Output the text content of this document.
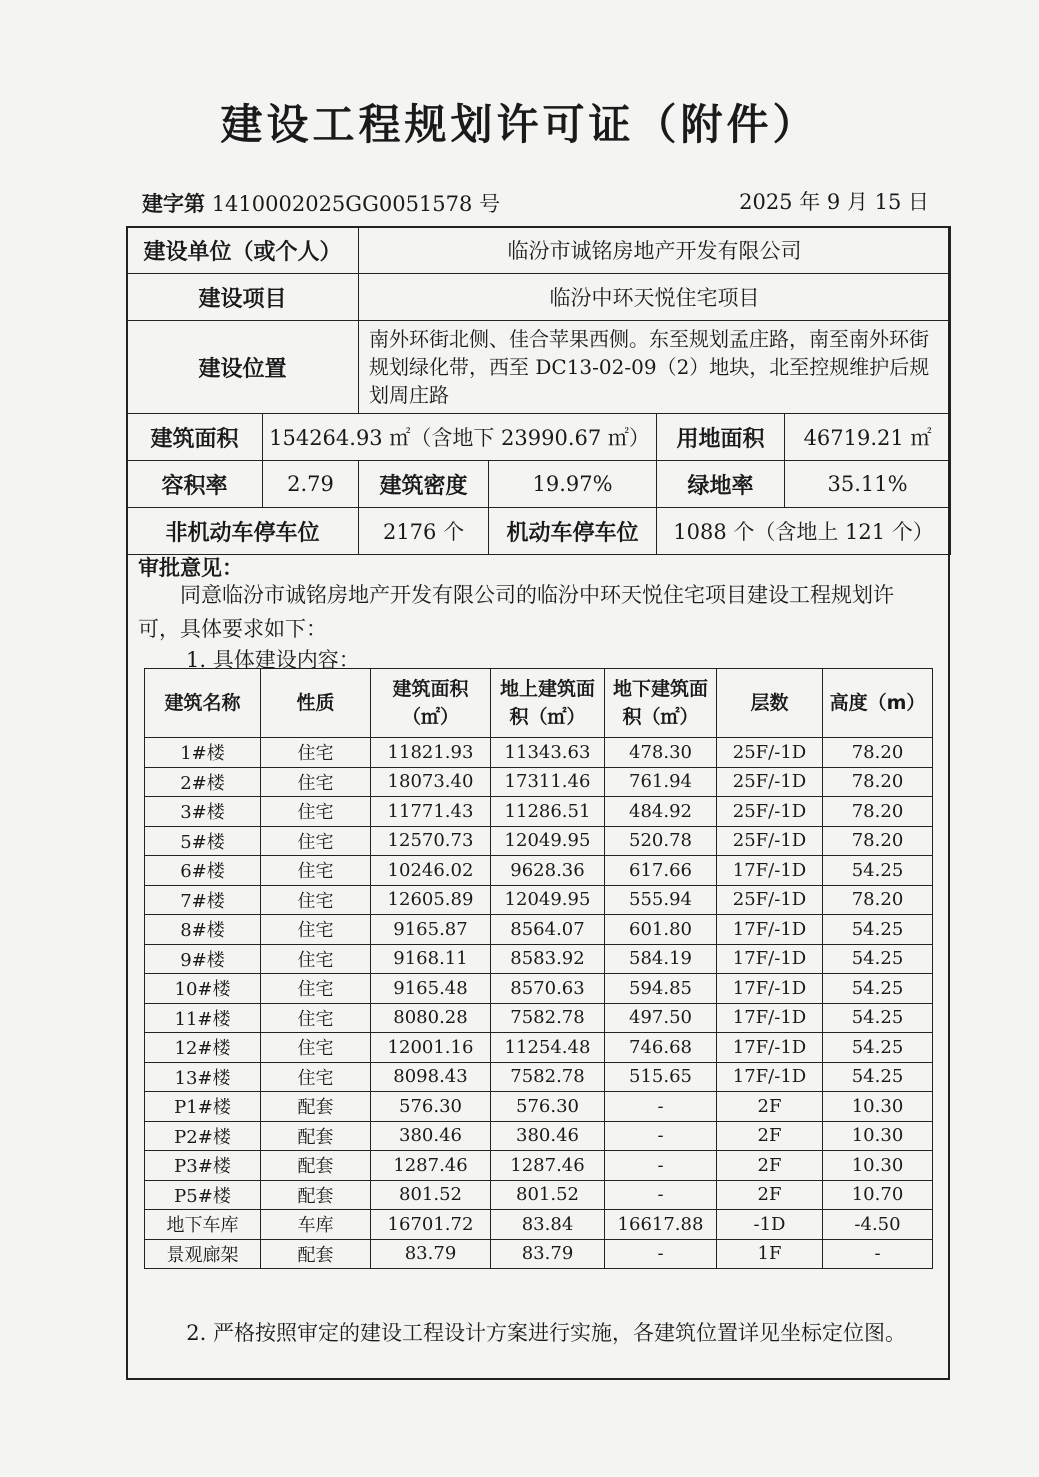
建设工程规划许可证（附件）
建字第 1410002025GG0051578 号	2025 年 9 月 15 日
建设单位（或个人）		临汾市诚铭房地产开发有限公司			
建设项目		临汾中环天悦住宅项目			
建设位置		南外环街北侧、佳合苹果西侧。东至规划孟庄路，南至南外环街规划绿化带，西至 DC13-02-09（2）地块，北至控规维护后规划周庄路			
建筑面积	154264.93 ㎡（含地下 23990.67 ㎡）			用地面积	46719.21 ㎡
容积率	2.79	建筑密度	19.97%	绿地率	35.11%
非机动车停车位		2176 个	机动车停车位	1088 个（含地上 121 个）	
审批意见：
同意临汾市诚铭房地产开发有限公司的临汾中环天悦住宅项目建设工程规划许可，具体要求如下：
1. 具体建设内容：
建筑名称	性质	建筑面积（㎡）	地上建筑面积（㎡）	地下建筑面积（㎡）	层数	高度（m）
1#楼	住宅	11821.93	11343.63	478.30	25F/-1D	78.20
2#楼	住宅	18073.40	17311.46	761.94	25F/-1D	78.20
3#楼	住宅	11771.43	11286.51	484.92	25F/-1D	78.20
5#楼	住宅	12570.73	12049.95	520.78	25F/-1D	78.20
6#楼	住宅	10246.02	9628.36	617.66	17F/-1D	54.25
7#楼	住宅	12605.89	12049.95	555.94	25F/-1D	78.20
8#楼	住宅	9165.87	8564.07	601.80	17F/-1D	54.25
9#楼	住宅	9168.11	8583.92	584.19	17F/-1D	54.25
10#楼	住宅	9165.48	8570.63	594.85	17F/-1D	54.25
11#楼	住宅	8080.28	7582.78	497.50	17F/-1D	54.25
12#楼	住宅	12001.16	11254.48	746.68	17F/-1D	54.25
13#楼	住宅	8098.43	7582.78	515.65	17F/-1D	54.25
P1#楼	配套	576.30	576.30	-	2F	10.30
P2#楼	配套	380.46	380.46	-	2F	10.30
P3#楼	配套	1287.46	1287.46	-	2F	10.30
P5#楼	配套	801.52	801.52	-	2F	10.70
地下车库	车库	16701.72	83.84	16617.88	-1D	-4.50
景观廊架	配套	83.79	83.79	-	1F	-
2. 严格按照审定的建设工程设计方案进行实施，各建筑位置详见坐标定位图。
